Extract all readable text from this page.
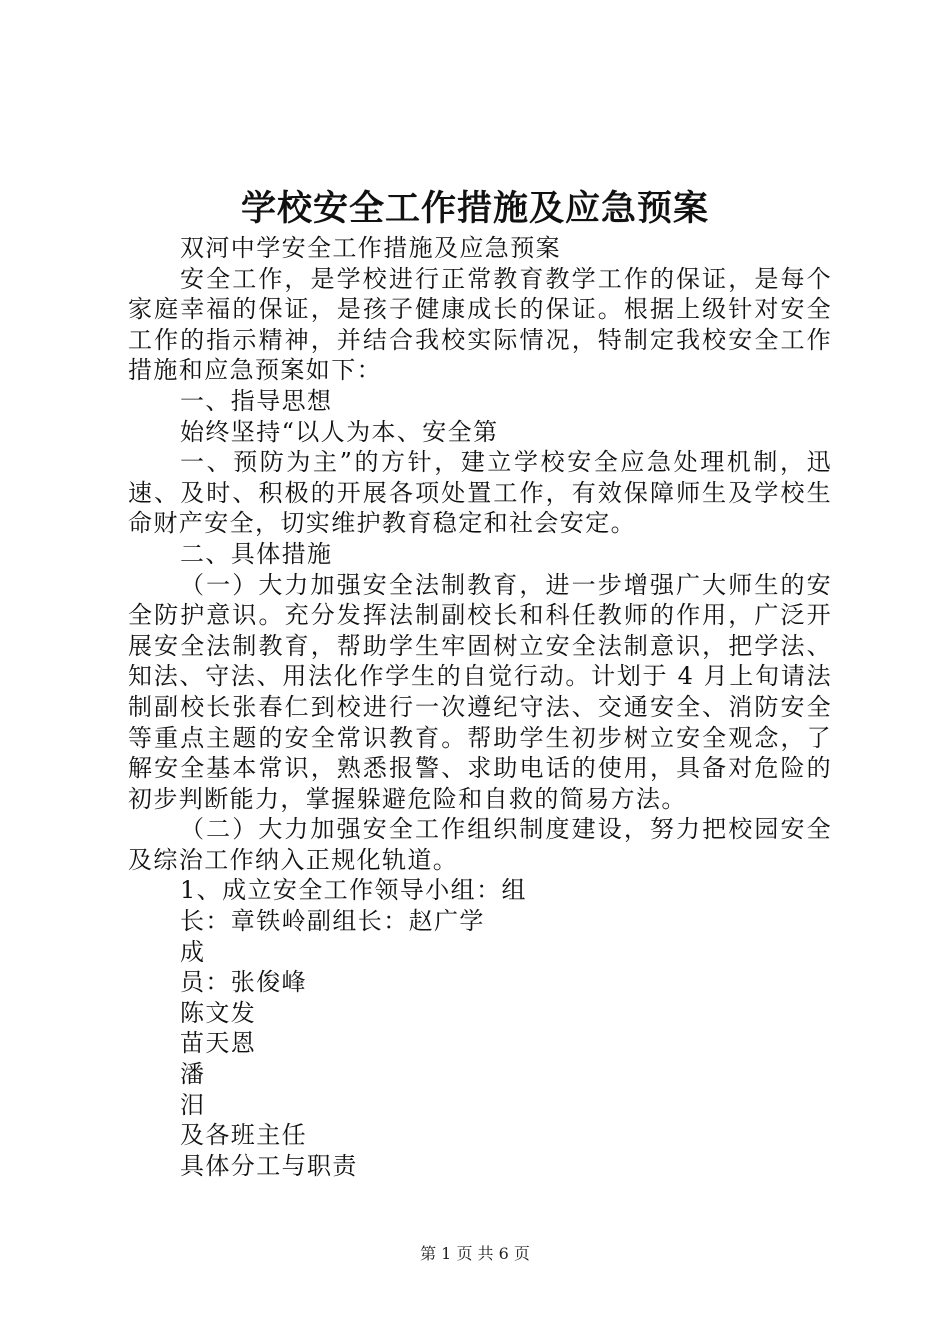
学校安全工作措施及应急预案

双河中学安全工作措施及应急预案

安全工作，是学校进行正常教育教学工作的保证，是每个家庭幸福的保证，是孩子健康成长的保证。根据上级针对安全工作的指示精神，并结合我校实际情况，特制定我校安全工作措施和应急预案如下：

一、指导思想

始终坚持“以人为本、安全第

一、预防为主”的方针，建立学校安全应急处理机制，迅速、及时、积极的开展各项处置工作，有效保障师生及学校生命财产安全，切实维护教育稳定和社会安定。

二、具体措施

（一）大力加强安全法制教育，进一步增强广大师生的安全防护意识。充分发挥法制副校长和科任教师的作用，广泛开展安全法制教育，帮助学生牢固树立安全法制意识，把学法、知法、守法、用法化作学生的自觉行动。计划于 4 月上旬请法制副校长张春仁到校进行一次遵纪守法、交通安全、消防安全等重点主题的安全常识教育。帮助学生初步树立安全观念，了解安全基本常识，熟悉报警、求助电话的使用，具备对危险的初步判断能力，掌握躲避危险和自救的简易方法。

（二）大力加强安全工作组织制度建设，努力把校园安全及综治工作纳入正规化轨道。

1、成立安全工作领导小组：组

长：章铁岭副组长：赵广学

成

员：张俊峰

陈文发

苗天恩

潘

汨

及各班主任

具体分工与职责

第 1 页 共 6 页
